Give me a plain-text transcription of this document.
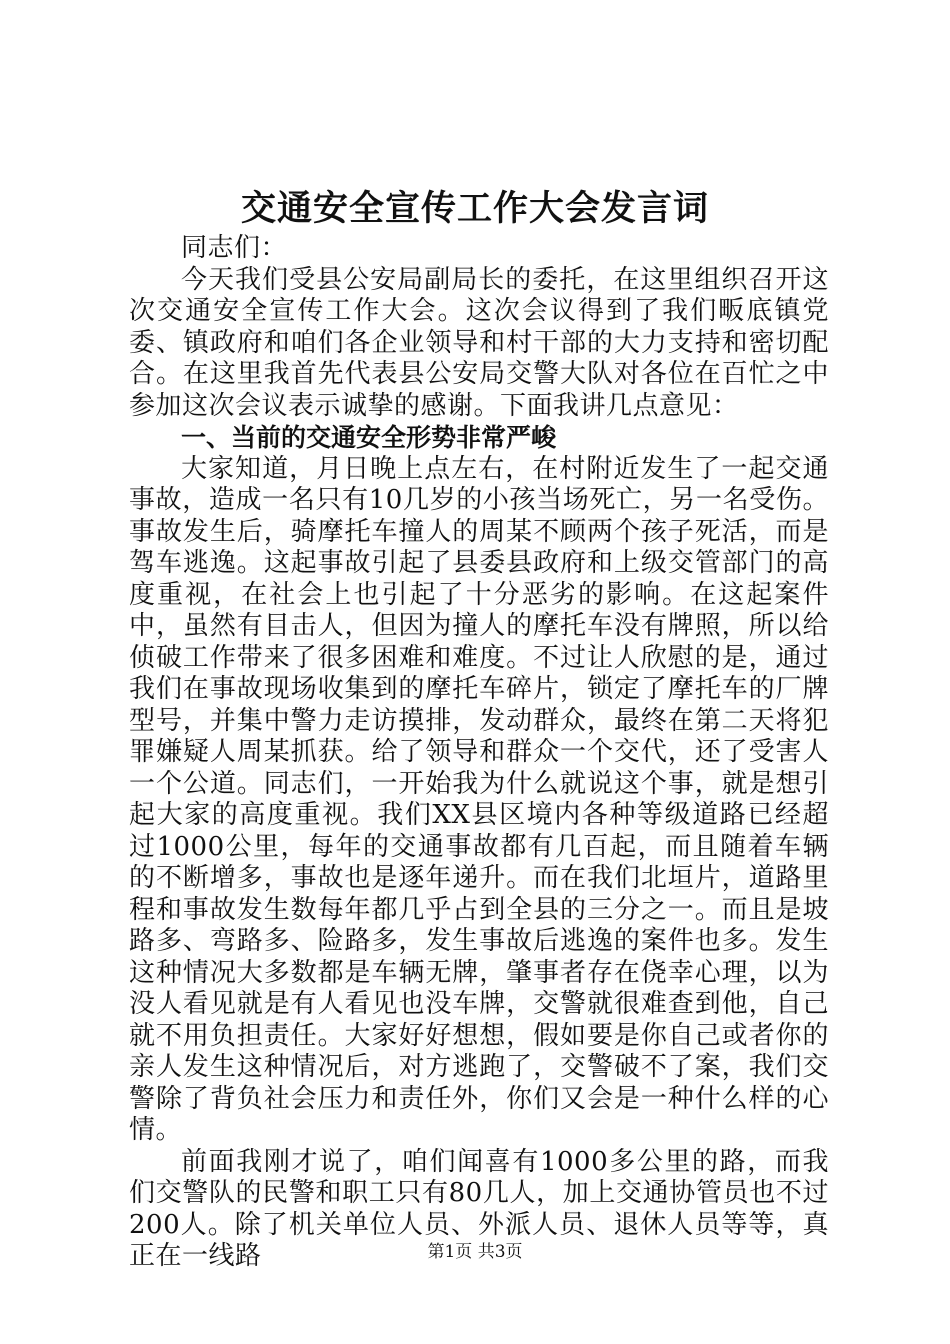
交通安全宣传工作大会发言词

同志们：

今天我们受县公安局副局长的委托，在这里组织召开这次交通安全宣传工作大会。这次会议得到了我们畈底镇党委、镇政府和咱们各企业领导和村干部的大力支持和密切配合。在这里我首先代表县公安局交警大队对各位在百忙之中参加这次会议表示诚挚的感谢。下面我讲几点意见：

一、当前的交通安全形势非常严峻

大家知道，月日晚上点左右，在村附近发生了一起交通事故，造成一名只有10几岁的小孩当场死亡，另一名受伤。事故发生后，骑摩托车撞人的周某不顾两个孩子死活，而是驾车逃逸。这起事故引起了县委县政府和上级交管部门的高度重视，在社会上也引起了十分恶劣的影响。在这起案件中，虽然有目击人，但因为撞人的摩托车没有牌照，所以给侦破工作带来了很多困难和难度。不过让人欣慰的是，通过我们在事故现场收集到的摩托车碎片，锁定了摩托车的厂牌型号，并集中警力走访摸排，发动群众，最终在第二天将犯罪嫌疑人周某抓获。给了领导和群众一个交代，还了受害人一个公道。同志们，一开始我为什么就说这个事，就是想引起大家的高度重视。我们XX县区境内各种等级道路已经超过1000公里，每年的交通事故都有几百起，而且随着车辆的不断增多，事故也是逐年递升。而在我们北垣片，道路里程和事故发生数每年都几乎占到全县的三分之一。而且是坡路多、弯路多、险路多，发生事故后逃逸的案件也多。发生这种情况大多数都是车辆无牌，肇事者存在侥幸心理，以为没人看见就是有人看见也没车牌，交警就很难查到他，自己就不用负担责任。大家好好想想，假如要是你自己或者你的亲人发生这种情况后，对方逃跑了，交警破不了案，我们交警除了背负社会压力和责任外，你们又会是一种什么样的心情。

前面我刚才说了，咱们闻喜有1000多公里的路，而我们交警队的民警和职工只有80几人，加上交通协管员也不过200人。除了机关单位人员、外派人员、退休人员等等，真正在一线路	第1页 共3页
